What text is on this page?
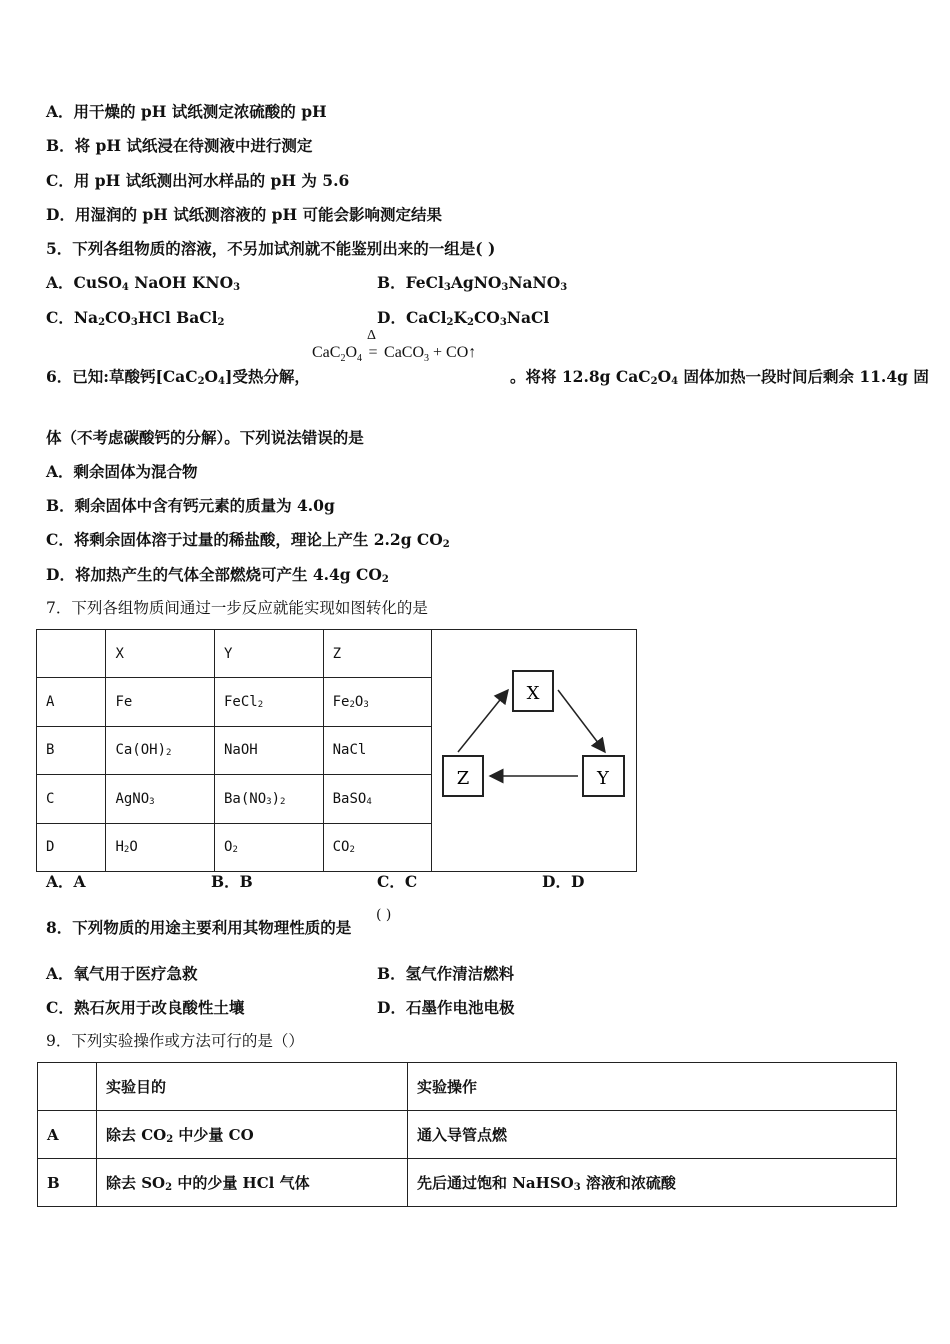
A．用干燥的 pH 试纸测定浓硫酸的 pH
B．将 pH 试纸浸在待测液中进行测定
C．用 pH 试纸测出河水样品的 pH 为 5.6
D．用湿润的 pH 试纸测溶液的 pH 可能会影响测定结果
5．下列各组物质的溶液，不另加试剂就不能鉴别出来的一组是( )
A．CuSO$_4$ NaOH $KNO_3$	B．FeCl$_3$AgNO$_3$NaNO$_3$
C．$Na_2CO_3HCl$ BaCl$_2$	D．$CaCl_2K_2CO_3NaCl$
6．已知:草酸钙$[CaC_2O_4]$受热分解，
$CaC_2O_4$
Δ
= CaCO$_3$ + CO↑
。将将 12.8g $CaC_2O_4$ 固体加热一段时间后剩余 11.4g 固
体（不考虑碳酸钙的分解）。下列说法错误的是
A．剩余固体为混合物
B．剩余固体中含有钙元素的质量为 4.0g
C．将剩余固体溶于过量的稀盐酸，理论上产生 2.2g $CO_2$
D．将加热产生的气体全部燃烧可产生 4.4g $CO_2$
7．下列各组物质间通过一步反应就能实现如图转化的是
	X	Y	Z	X
Y
Z

A	Fe	FeCl$_2$	$Fe_2O_3$
B	$Ca(OH)_2$	NaOH	NaCl	
C	AgNO$_3$	$Ba(NO_3)_2$	BaSO$_4$
D	$H_2O$	$O_2$	$CO_2$
A．A	B．B	C．C	D．D
8．下列物质的用途主要利用其物理性质的是
( )
A．氧气用于医疗急救	B．氢气作清洁燃料
C．熟石灰用于改良酸性土壤	D．石墨作电池电极
9．下列实验操作或方法可行的是（）
	实验目的	实验操作
A	除去 $CO_2$ 中少量 CO	通入导管点燃
B	除去 $SO_2$ 中的少量 HCl 气体	先后通过饱和 NaHSO$_3$ 溶液和浓硫酸
